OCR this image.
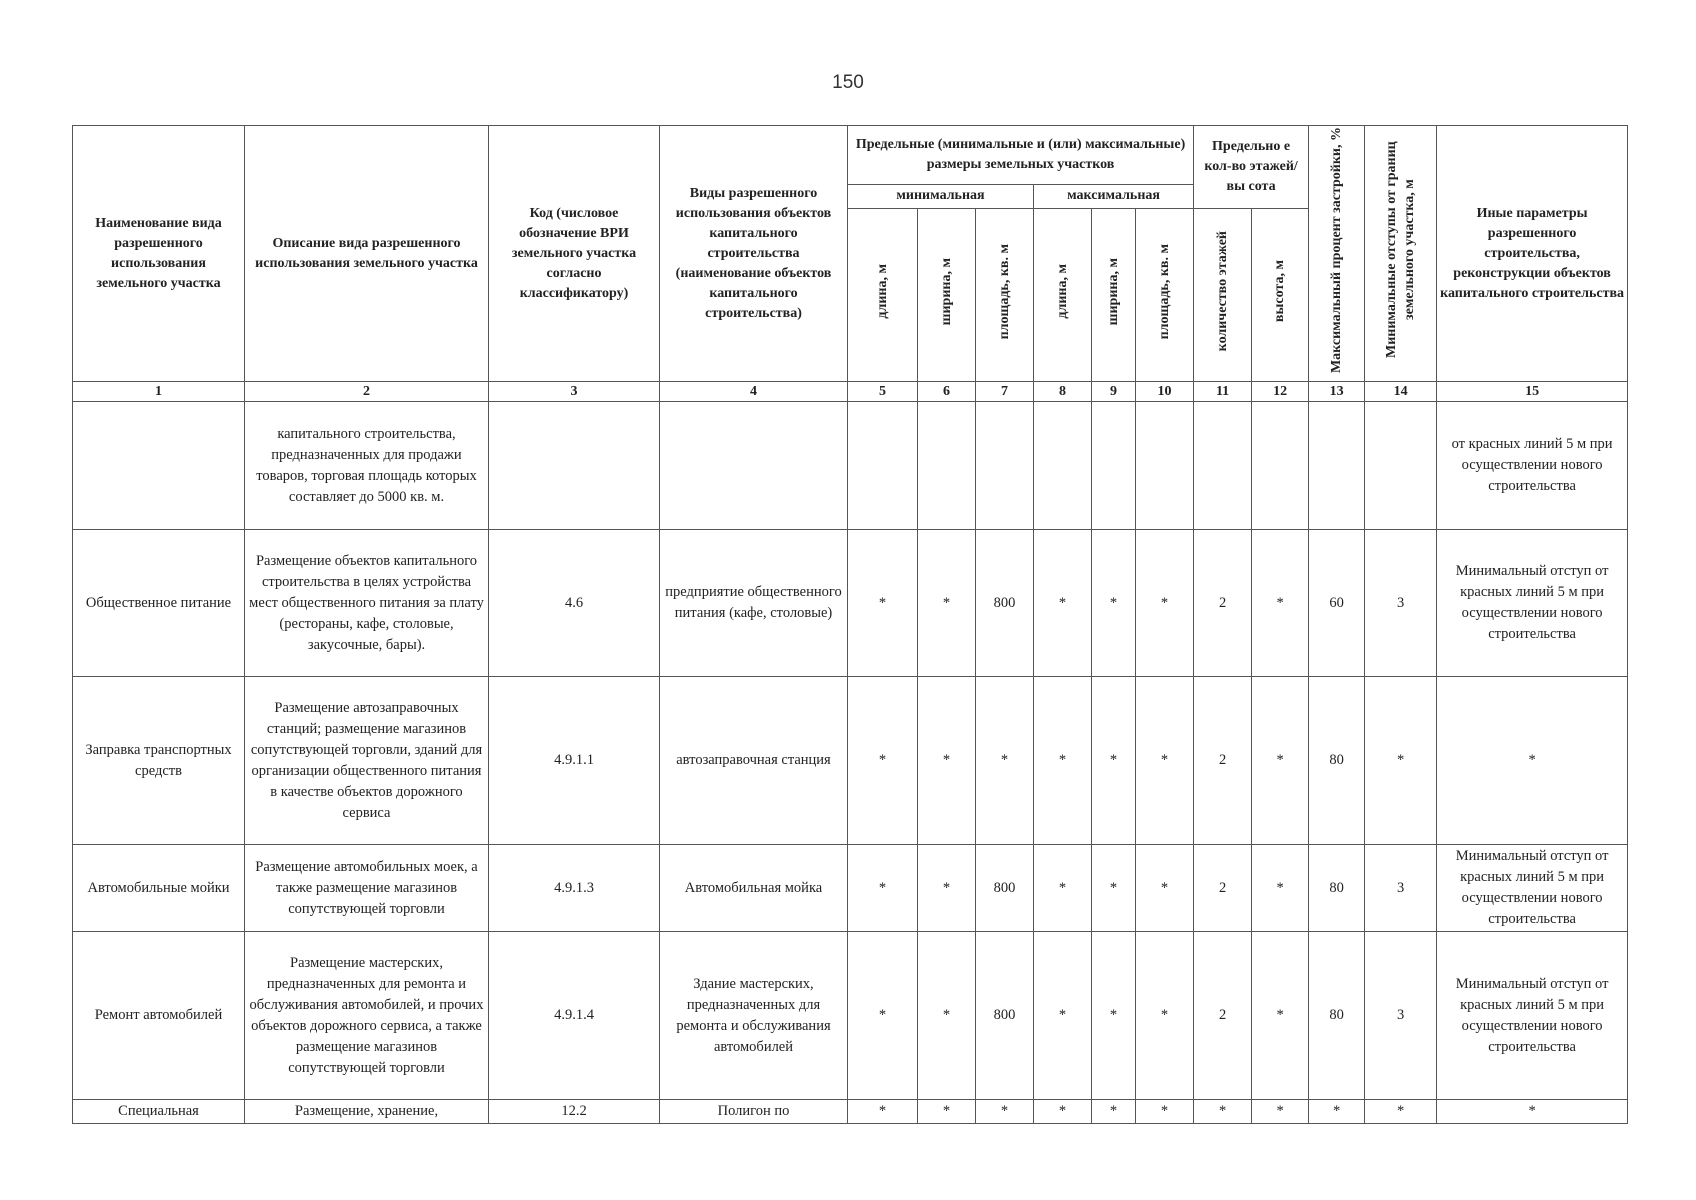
150
Наименование вида разрешенного использования земельного участка	Описание вида разрешенного использования земельного участка	Код (числовое обозначение ВРИ земельного участка согласно классификатору)	Виды разрешенного использования объектов капитального строительства (наименование объектов капитального строительства)	Предельные (минимальные и (или) максимальные) размеры земельных участков						Предельно е кол-во этажей/вы сота		Максимальный процент застройки, %	Минимальные отступы от границ земельного участка, м	Иные параметры разрешенного строительства, реконструкции объектов капитального строительства
				минимальная			максимальная							
				длина, м	ширина, м	площадь, кв. м	длина, м	ширина, м	площадь, кв. м	количество этажей	высота, м			
1	2	3	4	5	6	7	8	9	10	11	12	13	14	15
	капитального строительства, предназначенных для продажи товаров, торговая площадь которых составляет до 5000 кв. м.													от красных линий 5 м при осуществлении нового строительства
Общественное питание	Размещение объектов капитального строительства в целях устройства мест общественного питания за плату (рестораны, кафе, столовые, закусочные, бары).	4.6	предприятие общественного питания (кафе, столовые)	*	*	800	*	*	*	2	*	60	3	Минимальный отступ от красных линий 5 м при осуществлении нового строительства
Заправка транспортных средств	Размещение автозаправочных станций; размещение магазинов сопутствующей торговли, зданий для организации общественного питания в качестве объектов дорожного сервиса	4.9.1.1	автозаправочная станция	*	*	*	*	*	*	2	*	80	*	*
Автомобильные мойки	Размещение автомобильных моек, а также размещение магазинов сопутствующей торговли	4.9.1.3	Автомобильная мойка	*	*	800	*	*	*	2	*	80	3	Минимальный отступ от красных линий 5 м при осуществлении нового строительства
Ремонт автомобилей	Размещение мастерских, предназначенных для ремонта и обслуживания автомобилей, и прочих объектов дорожного сервиса, а также размещение магазинов сопутствующей торговли	4.9.1.4	Здание мастерских, предназначенных для ремонта и обслуживания автомобилей	*	*	800	*	*	*	2	*	80	3	Минимальный отступ от красных линий 5 м при осуществлении нового строительства
Специальная	Размещение, хранение,	12.2	Полигон по	*	*	*	*	*	*	*	*	*	*	*
